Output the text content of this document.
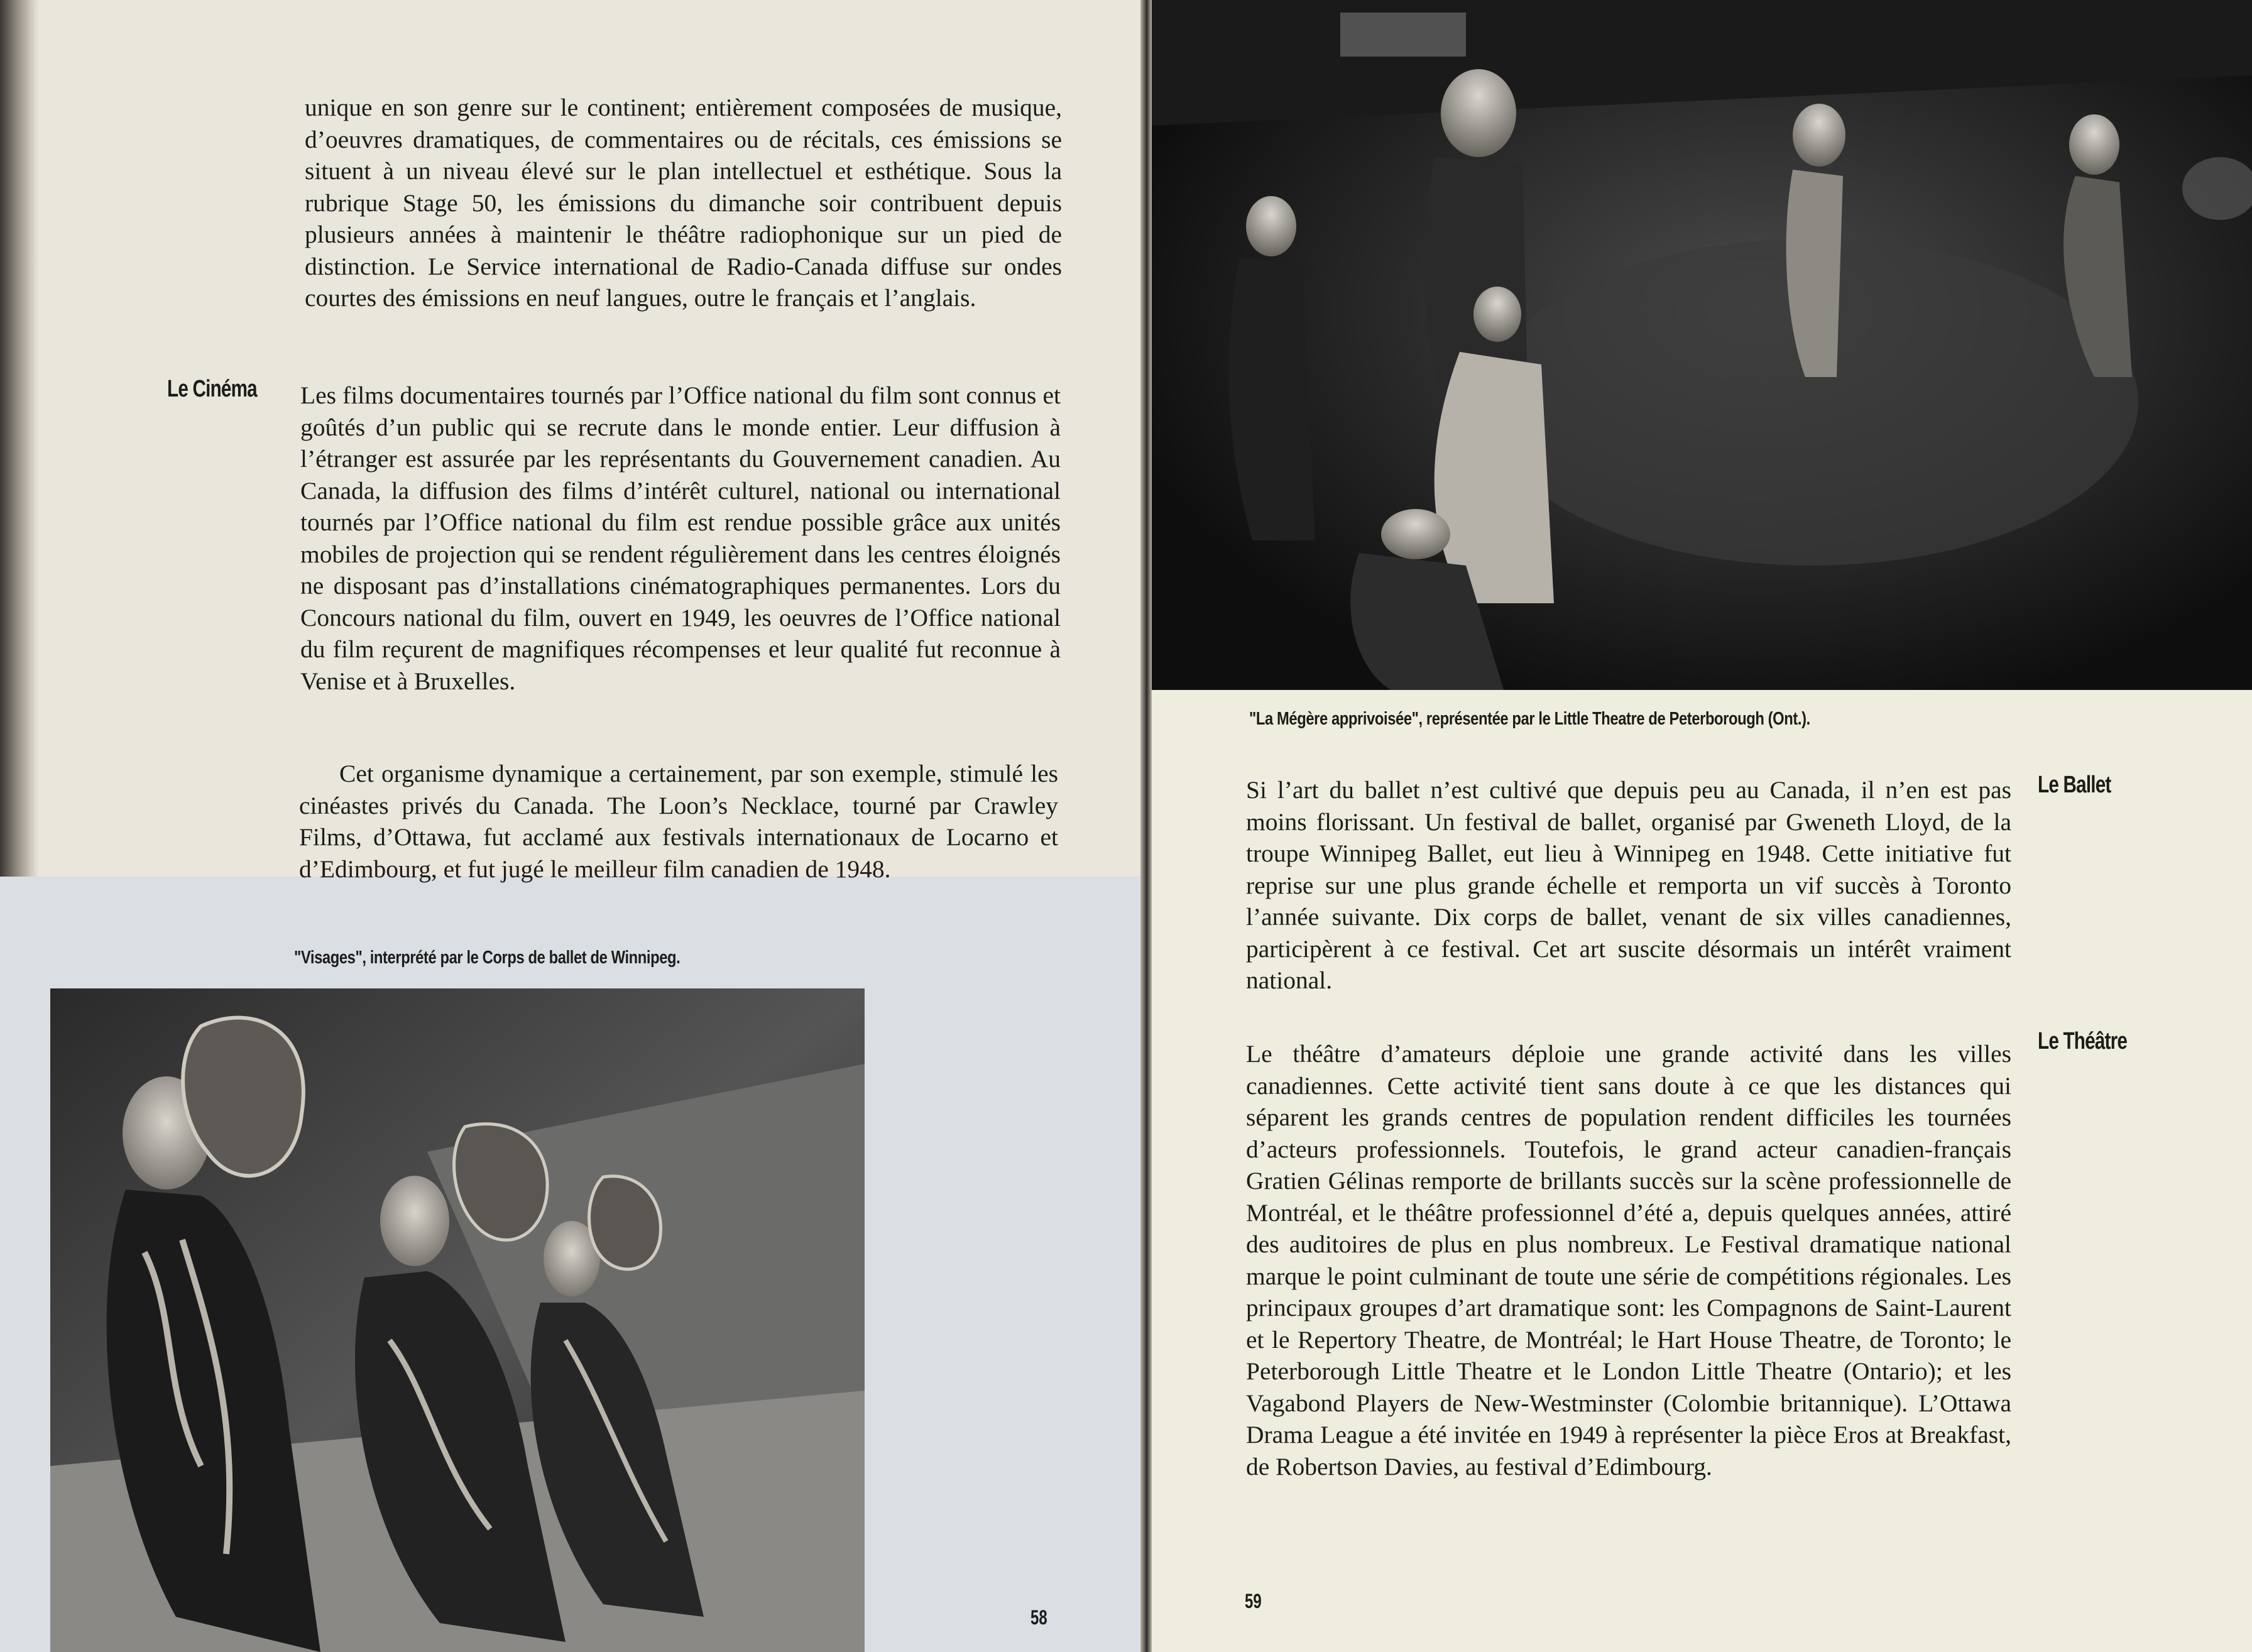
unique en son genre sur le continent; entièrement composées de musique, d’oeuvres dramatiques, de commentaires ou de récitals, ces émissions se situent à un niveau élevé sur le plan intellectuel et esthétique. Sous la rubrique Stage 50, les émissions du dimanche soir contribuent depuis plusieurs années à maintenir le théâtre radiophonique sur un pied de distinction. Le Service international de Radio-Canada diffuse sur ondes courtes des émissions en neuf langues, outre le français et l’anglais.

Le Cinéma Les films documentaires tournés par l’Office national du film sont connus et goûtés d’un public qui se recrute dans le monde entier. Leur diffusion à l’étranger est assurée par les représentants du Gouvernement canadien. Au Canada, la diffusion des films d’intérêt culturel, national ou international tournés par l’Office national du film est rendue possible grâce aux unités mobiles de projection qui se rendent régulièrement dans les centres éloignés ne disposant pas d’installations cinématographiques permanentes. Lors du Concours national du film, ouvert en 1949, les oeuvres de l’Office national du film reçurent de magnifiques récompenses et leur qualité fut reconnue à Venise et à Bruxelles.

Cet organisme dynamique a certainement, par son exemple, stimulé les cinéastes privés du Canada. The Loon’s Necklace, tourné par Crawley Films, d’Ottawa, fut acclamé aux festivals internationaux de Locarno et d’Edimbourg, et fut jugé le meilleur film canadien de 1948.

"Visages", interprété par le Corps de ballet de Winnipeg.

58

"La Mégère apprivoisée", représentée par le Little Theatre de Peterborough (Ont.).

Si l’art du ballet n’est cultivé que depuis peu au Canada, il n’en est pas moins florissant. Un festival de ballet, organisé par Gweneth Lloyd, de la troupe Winnipeg Ballet, eut lieu à Winnipeg en 1948. Cette initiative fut reprise sur une plus grande échelle et remporta un vif succès à Toronto l’année suivante. Dix corps de ballet, venant de six villes canadiennes, participèrent à ce festival. Cet art suscite désormais un intérêt vraiment national.

Le Ballet

Le théâtre d’amateurs déploie une grande activité dans les villes canadiennes. Cette activité tient sans doute à ce que les distances qui séparent les grands centres de population rendent difficiles les tournées d’acteurs professionnels. Toutefois, le grand acteur canadien-français Gratien Gélinas remporte de brillants succès sur la scène professionnelle de Montréal, et le théâtre professionnel d’été a, depuis quelques années, attiré des auditoires de plus en plus nombreux. Le Festival dramatique national marque le point culminant de toute une série de compétitions régionales. Les principaux groupes d’art dramatique sont: les Compagnons de Saint-Laurent et le Repertory Theatre, de Montréal; le Hart House Theatre, de Toronto; le Peterborough Little Theatre et le London Little Theatre (Ontario); et les Vagabond Players de New-Westminster (Colombie britannique). L’Ottawa Drama League a été invitée en 1949 à représenter la pièce Eros at Breakfast, de Robertson Davies, au festival d’Edimbourg.

Le Théâtre

59
